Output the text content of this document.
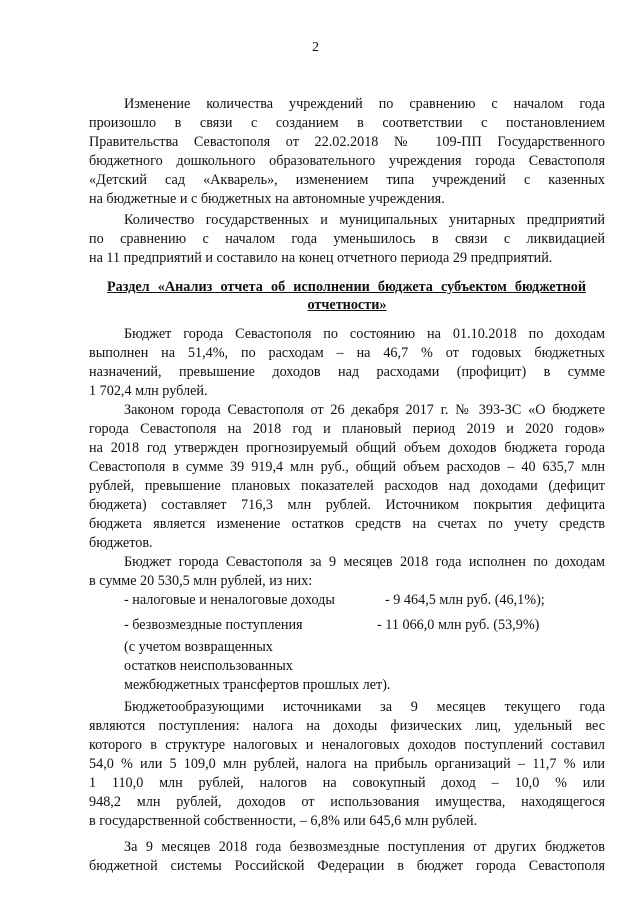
2
Изменение количества учреждений по сравнению с началом года
произошло в связи с созданием в соответствии с постановлением
Правительства Севастополя от 22.02.2018 № 109-ПП Государственного
бюджетного дошкольного образовательного учреждения города Севастополя
«Детский сад «Акварель», изменением типа учреждений с казенных
на бюджетные и с бюджетных на автономные учреждения.
Количество государственных и муниципальных унитарных предприятий
по сравнению с началом года уменьшилось в связи с ликвидацией
на 11 предприятий и составило на конец отчетного периода 29 предприятий.
Раздел «Анализ отчета об исполнении бюджета субъектом бюджетной
отчетности»
Бюджет города Севастополя по состоянию на 01.10.2018 по доходам
выполнен на 51,4%, по расходам – на 46,7 % от годовых бюджетных
назначений, превышение доходов над расходами (профицит) в сумме
1 702,4 млн рублей.
Законом города Севастополя от 26 декабря 2017 г. № 393-ЗС «О бюджете
города Севастополя на 2018 год и плановый период 2019 и 2020 годов»
на 2018 год утвержден прогнозируемый общий объем доходов бюджета города
Севастополя в сумме 39 919,4 млн руб., общий объем расходов – 40 635,7 млн
рублей, превышение плановых показателей расходов над доходами (дефицит
бюджета) составляет 716,3 млн рублей. Источником покрытия дефицита
бюджета является изменение остатков средств на счетах по учету средств
бюджетов.
Бюджет города Севастополя за 9 месяцев 2018 года исполнен по доходам
в сумме 20 530,5 млн рублей, из них:
- налоговые и неналоговые доходы	- 9 464,5 млн руб. (46,1%);
- безвозмездные поступления	- 11 066,0 млн руб. (53,9%)
(с учетом возвращенных
остатков неиспользованных
межбюджетных трансфертов прошлых лет).
Бюджетообразующими источниками за 9 месяцев текущего года
являются поступления: налога на доходы физических лиц, удельный вес
которого в структуре налоговых и неналоговых доходов поступлений составил
54,0 % или 5 109,0 млн рублей, налога на прибыль организаций – 11,7 % или
1 110,0 млн рублей, налогов на совокупный доход – 10,0 % или
948,2 млн рублей, доходов от использования имущества, находящегося
в государственной собственности, – 6,8% или 645,6 млн рублей.
За 9 месяцев 2018 года безвозмездные поступления от других бюджетов
бюджетной системы Российской Федерации в бюджет города Севастополя
